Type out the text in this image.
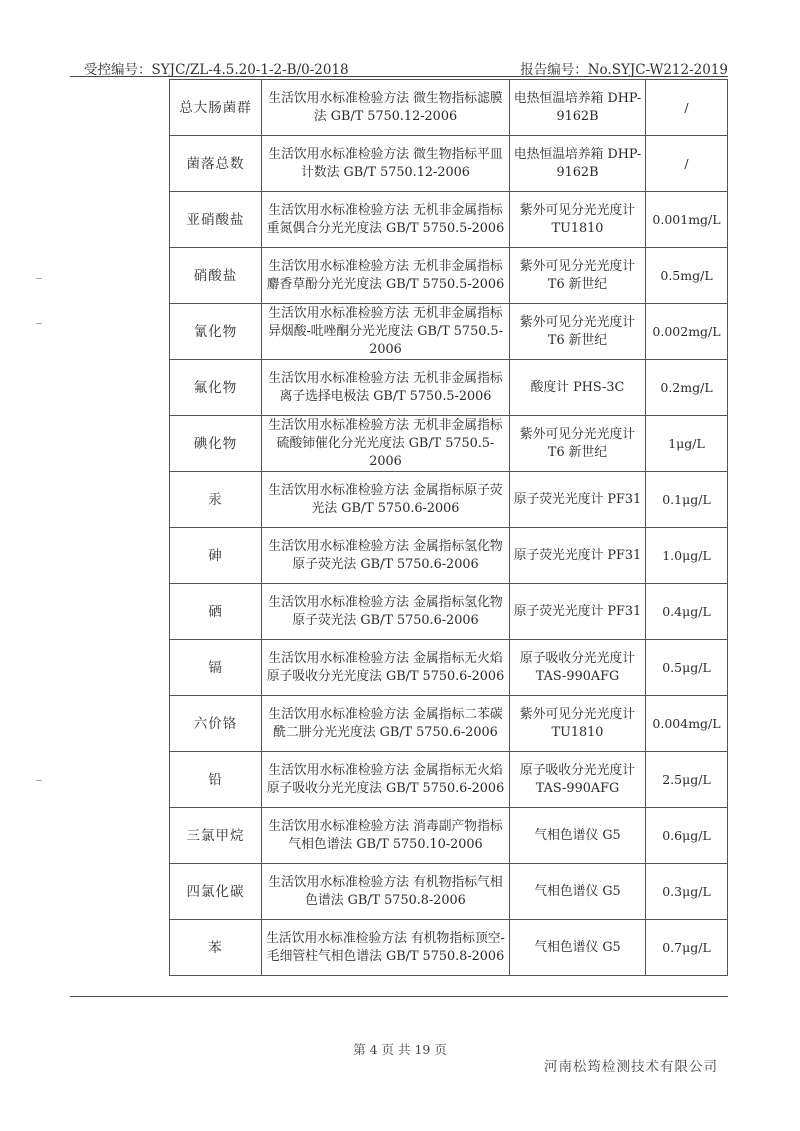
受控编号：SYJC/ZL-4.5.20-1-2-B/0-2018	报告编号：No.SYJC-W212-2019
总大肠菌群	生活饮用水标准检验方法 微生物指标滤膜法 GB/T 5750.12-2006	电热恒温培养箱 DHP-9162B	/
菌落总数	生活饮用水标准检验方法 微生物指标平皿计数法 GB/T 5750.12-2006	电热恒温培养箱 DHP-9162B	/
亚硝酸盐	生活饮用水标准检验方法 无机非金属指标重氮偶合分光光度法 GB/T 5750.5-2006	紫外可见分光光度计 TU1810	0.001mg/L
硝酸盐	生活饮用水标准检验方法 无机非金属指标麝香草酚分光光度法 GB/T 5750.5-2006	紫外可见分光光度计 T6 新世纪	0.5mg/L
氰化物	生活饮用水标准检验方法 无机非金属指标异烟酸-吡唑酮分光光度法 GB/T 5750.5-2006	紫外可见分光光度计 T6 新世纪	0.002mg/L
氟化物	生活饮用水标准检验方法 无机非金属指标离子选择电极法 GB/T 5750.5-2006	酸度计 PHS-3C	0.2mg/L
碘化物	生活饮用水标准检验方法 无机非金属指标硫酸铈催化分光光度法 GB/T 5750.5-2006	紫外可见分光光度计 T6 新世纪	1μg/L
汞	生活饮用水标准检验方法 金属指标原子荧光法 GB/T 5750.6-2006	原子荧光光度计 PF31	0.1μg/L
砷	生活饮用水标准检验方法 金属指标氢化物原子荧光法 GB/T 5750.6-2006	原子荧光光度计 PF31	1.0μg/L
硒	生活饮用水标准检验方法 金属指标氢化物原子荧光法 GB/T 5750.6-2006	原子荧光光度计 PF31	0.4μg/L
镉	生活饮用水标准检验方法 金属指标无火焰原子吸收分光光度法 GB/T 5750.6-2006	原子吸收分光光度计 TAS-990AFG	0.5μg/L
六价铬	生活饮用水标准检验方法 金属指标二苯碳酰二肼分光光度法 GB/T 5750.6-2006	紫外可见分光光度计 TU1810	0.004mg/L
铅	生活饮用水标准检验方法 金属指标无火焰原子吸收分光光度法 GB/T 5750.6-2006	原子吸收分光光度计 TAS-990AFG	2.5μg/L
三氯甲烷	生活饮用水标准检验方法 消毒副产物指标气相色谱法 GB/T 5750.10-2006	气相色谱仪 G5	0.6μg/L
四氯化碳	生活饮用水标准检验方法 有机物指标气相色谱法 GB/T 5750.8-2006	气相色谱仪 G5	0.3μg/L
苯	生活饮用水标准检验方法 有机物指标顶空-毛细管柱气相色谱法 GB/T 5750.8-2006	气相色谱仪 G5	0.7μg/L
第 4 页 共 19 页
河南松筠检测技术有限公司
